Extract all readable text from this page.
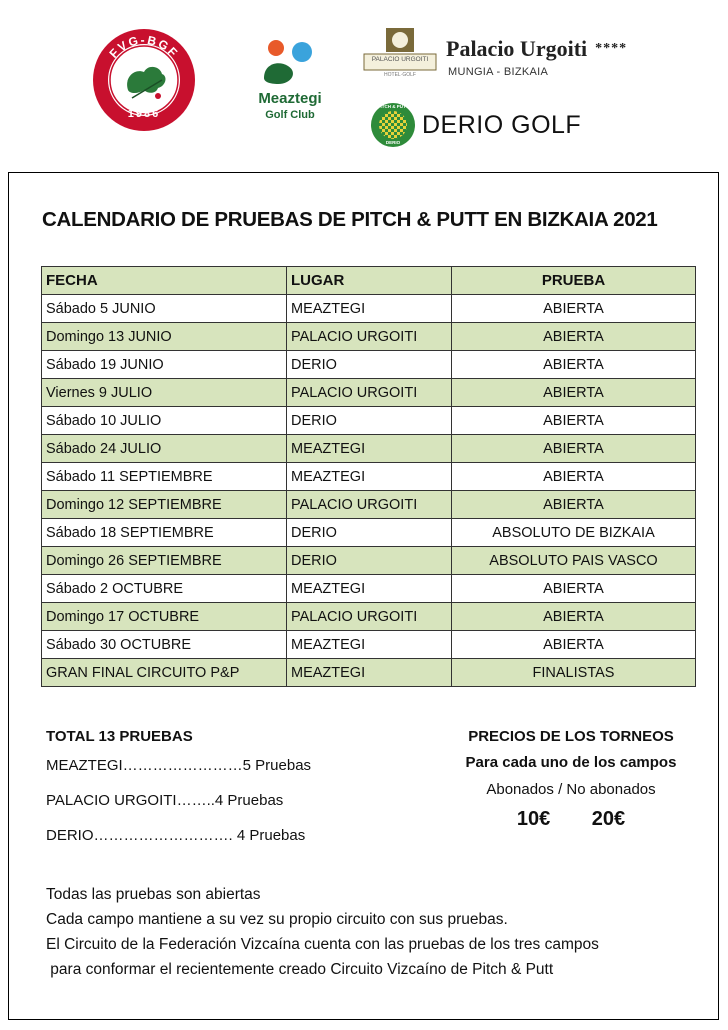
FVG-BGF
1986
Meaztegi
Golf Club
PALACIO URGOITI
HOTEL·GOLF
Palacio Urgoiti ****
MUNGIA - BIZKAIA
PITCH & PUTT
DERIO
DERIO GOLF
CALENDARIO DE PRUEBAS DE PITCH & PUTT EN BIZKAIA 2021
FECHA	LUGAR	PRUEBA
Sábado 5 JUNIO	MEAZTEGI	ABIERTA
Domingo 13 JUNIO	PALACIO URGOITI	ABIERTA
Sábado 19 JUNIO	DERIO	ABIERTA
Viernes 9 JULIO	PALACIO URGOITI	ABIERTA
Sábado 10 JULIO	DERIO	ABIERTA
Sábado 24 JULIO	MEAZTEGI	ABIERTA
Sábado 11 SEPTIEMBRE	MEAZTEGI	ABIERTA
Domingo 12 SEPTIEMBRE	PALACIO URGOITI	ABIERTA
Sábado 18 SEPTIEMBRE	DERIO	ABSOLUTO DE BIZKAIA
Domingo 26 SEPTIEMBRE	DERIO	ABSOLUTO PAIS VASCO
Sábado 2 OCTUBRE	MEAZTEGI	ABIERTA
Domingo 17 OCTUBRE	PALACIO URGOITI	ABIERTA
Sábado 30 OCTUBRE	MEAZTEGI	ABIERTA
GRAN FINAL CIRCUITO P&P	MEAZTEGI	FINALISTAS
TOTAL 13 PRUEBAS
MEAZTEGI……………………5 Pruebas
PALACIO URGOITI……..4 Pruebas
DERIO………………………. 4 Pruebas
PRECIOS DE LOS TORNEOS
Para cada uno de los campos
Abonados / No abonados
10€ 20€
Todas las pruebas son abiertas
Cada campo mantiene a su vez su propio circuito con sus pruebas.
El Circuito de la Federación Vizcaína cuenta con las pruebas de los tres campos
para conformar el recientemente creado Circuito Vizcaíno de Pitch & Putt
